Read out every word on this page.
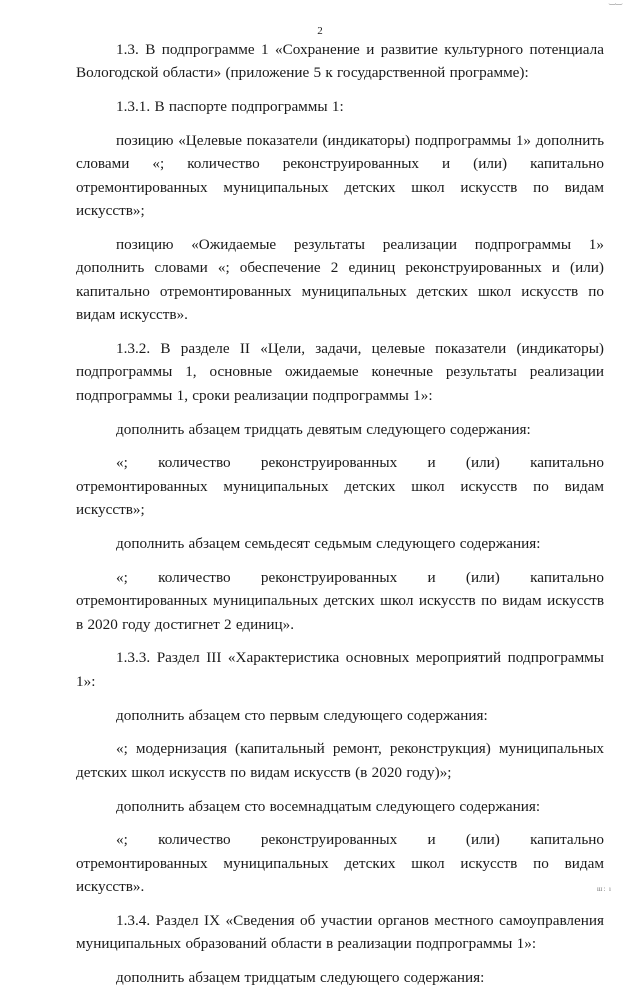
‿‿
2

1.3. В подпрограмме 1 «Сохранение и развитие культурного потенциала Вологодской области» (приложение 5 к государственной программе):

1.3.1. В паспорте подпрограммы 1:

позицию «Целевые показатели (индикаторы) подпрограммы 1» дополнить словами «; количество реконструированных и (или) капитально отремонтированных муниципальных детских школ искусств по видам искусств»;

позицию «Ожидаемые результаты реализации подпрограммы 1» дополнить словами «; обеспечение 2 единиц реконструированных и (или) капитально отремонтированных муниципальных детских школ искусств по видам искусств».

1.3.2. В разделе II «Цели, задачи, целевые показатели (индикаторы) подпрограммы 1, основные ожидаемые конечные результаты реализации подпрограммы 1, сроки реализации подпрограммы 1»:

дополнить абзацем тридцать девятым следующего содержания:

«; количество реконструированных и (или) капитально отремонтированных муниципальных детских школ искусств по видам искусств»;

дополнить абзацем семьдесят седьмым следующего содержания:

«; количество реконструированных и (или) капитально отремонтированных муниципальных детских школ искусств по видам искусств в 2020 году достигнет 2 единиц».

1.3.3. Раздел III «Характеристика основных мероприятий подпрограммы 1»:

дополнить абзацем сто первым следующего содержания:

«; модернизация (капитальный ремонт, реконструкция) муниципальных детских школ искусств по видам искусств (в 2020 году)»;

дополнить абзацем сто восемнадцатым следующего содержания:

«; количество реконструированных и (или) капитально отремонтированных муниципальных детских школ искусств по видам искусств».

1.3.4. Раздел IX «Сведения об участии органов местного самоуправления муниципальных образований области в реализации подпрограммы 1»:

дополнить абзацем тридцатым следующего содержания:

ш: ı
